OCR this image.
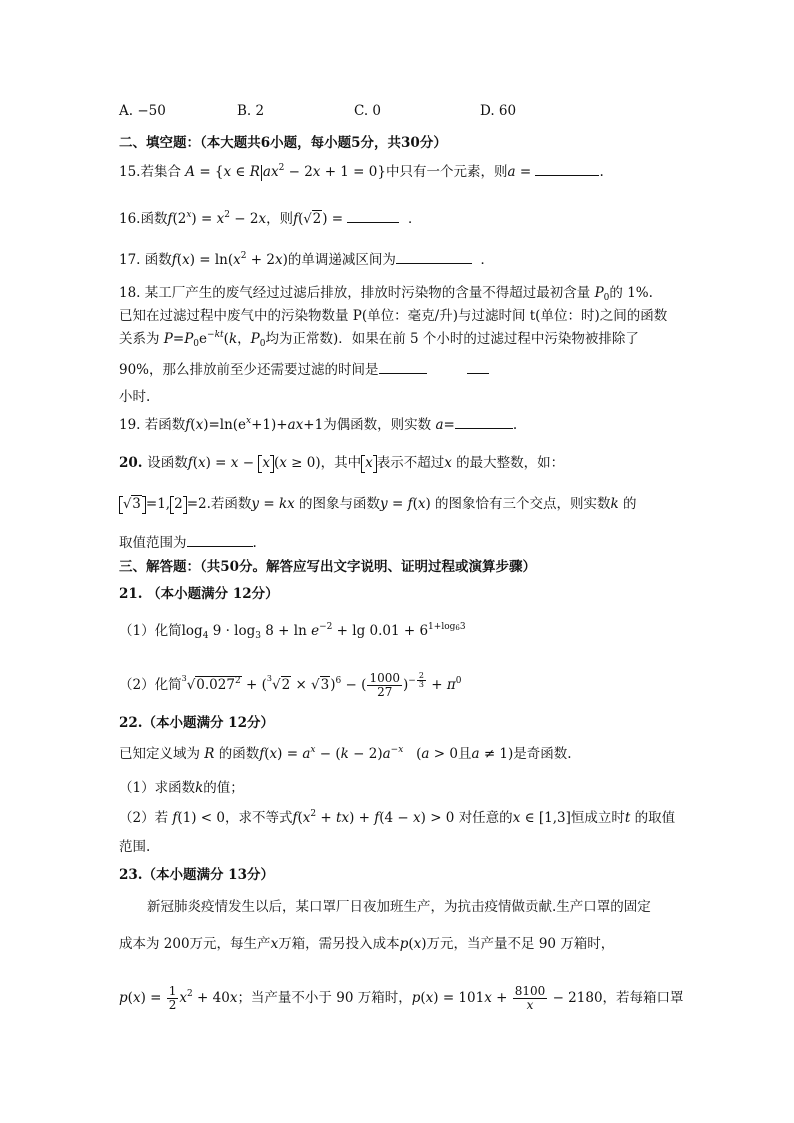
A. −50	B. 2	C. 0	D. 60
二、填空题：（本大题共6小题，每小题5分，共30分）
15.若集合 A = {x ∈ R $ax^2 - 2x + 1 = 0$}中只有一个元素，则a =	.
16.函数$f(2^x) = x^2 - 2x$，则f(√2) =	．
17. 函数$f(x) = \ln(x^2 + 2x)$的单调递减区间为	．
18. 某工厂产生的废气经过过滤后排放，排放时污染物的含量不得超过最初含量 $P_0$的 1%.
已知在过滤过程中废气中的污染物数量 P(单位：毫克/升)与过滤时间 t(单位：时)之间的函数
关系为 $P=P_0e^{-kt}(k$，$P_0$均为正常数)．如果在前 5 个小时的过滤过程中污染物被排除了
90%，那么排放前至少还需要过滤的时间是
小时.
19. 若函数$f(x)=\ln(e^x+1)+ax+1$为偶函数，则实数 a=	.
20. 设函数f(x) = x − x (x ≥ 0)，其中 x 表示不超过x 的最大整数，如：
√3 =1, 2 =2.若函数y = kx 的图象与函数y = f(x) 的图象恰有三个交点，则实数k 的
取值范围为	.
三、解答题：（共50分。解答应写出文字说明、证明过程或演算步骤）
21. （本小题满分 12分）
（1）化简$\log_4 9 \cdot \log_3 8 + \ln e^{-2} + \lg 0.01 + 6^{1+log_63}$
（2）化简$^3√0.027^2 + (^3√2 \times √3)^6$ − ( $\frac{1000}{27} )^{- \frac{2}{3}} + \pi^0$
22.（本小题满分 12分）
已知定义域为 R 的函数$f(x) = a^x - (k - 2)a^{-x}$   (a > 0且a ≠ 1)是奇函数.
（1）求函数k的值；
（2）若 f(1) < 0，求不等式$f(x^2 + tx) + f(4 - x) > 0$ 对任意的x ∈ [1,3]恒成立时t 的取值
范围.
23.（本小题满分 13分）
新冠肺炎疫情发生以后，某口罩厂日夜加班生产，为抗击疫情做贡献.生产口罩的固定
成本为 200万元，每生产x万箱，需另投入成本p(x)万元，当产量不足 90 万箱时，
$p(x) = \frac{1}{2} x^2 + 40x$；当产量不小于 90 万箱时，$p(x) = 101x + \frac{8100}{x} - 2180$，若每箱口罩
